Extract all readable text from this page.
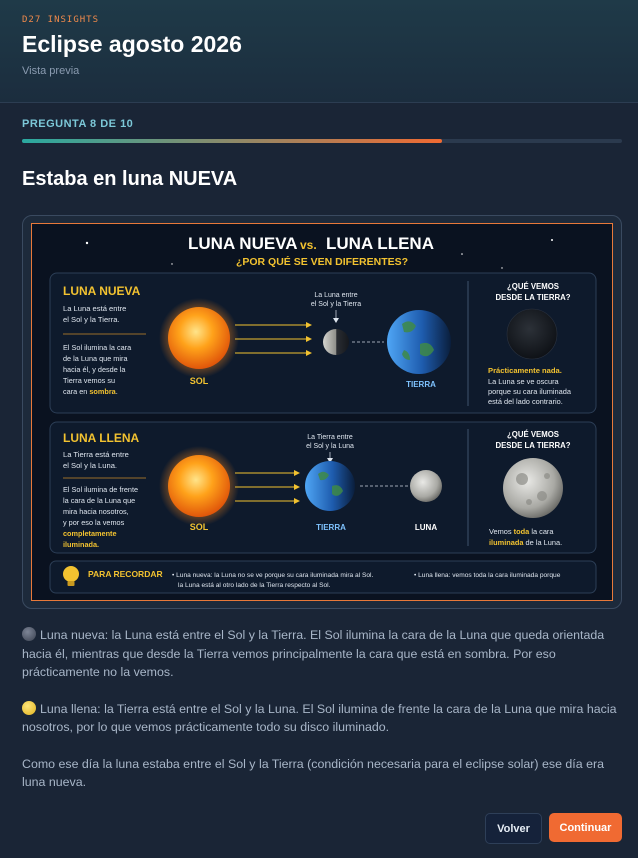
D27 INSIGHTS
Eclipse agosto 2026
Vista previa
PREGUNTA 8 DE 10
Estaba en luna NUEVA
LUNA NUEVA vs. LUNA LLENA
¿POR QUÉ SE VEN DIFERENTES?
LUNA NUEVA
La Luna está entre
el Sol y la Tierra.
El Sol ilumina la cara
de la Luna que mira
hacia él, y desde la
Tierra vemos su
cara en sombra.
SOL
La Luna entre
el Sol y la Tierra
TIERRA
¿QUÉ VEMOS
DESDE LA TIERRA?
Prácticamente nada.
La Luna se ve oscura
porque su cara iluminada
está del lado contrario.
LUNA LLENA
La Tierra está entre
el Sol y la Luna.
El Sol ilumina de frente
la cara de la Luna que
mira hacia nosotros,
y por eso la vemos
completamente
iluminada.
SOL
La Tierra entre
el Sol y la Luna
TIERRA	LUNA
¿QUÉ VEMOS
DESDE LA TIERRA?
Vemos toda la cara
iluminada de la Luna.
PARA RECORDAR • Luna nueva: la Luna no se ve porque su cara iluminada mira al Sol.	• Luna llena: vemos toda la cara iluminada porque
la Luna está al otro lado de la Tierra respecto al Sol.

Luna nueva: la Luna está entre el Sol y la Tierra. El Sol ilumina la cara de la Luna que queda orientada hacia él, mientras que desde la Tierra vemos principalmente la cara que está en sombra. Por eso prácticamente no la vemos.

Luna llena: la Tierra está entre el Sol y la Luna. El Sol ilumina de frente la cara de la Luna que mira hacia nosotros, por lo que vemos prácticamente todo su disco iluminado.

Como ese día la luna estaba entre el Sol y la Tierra (condición necesaria para el eclipse solar) ese día era luna nueva.

Volver	Continuar
